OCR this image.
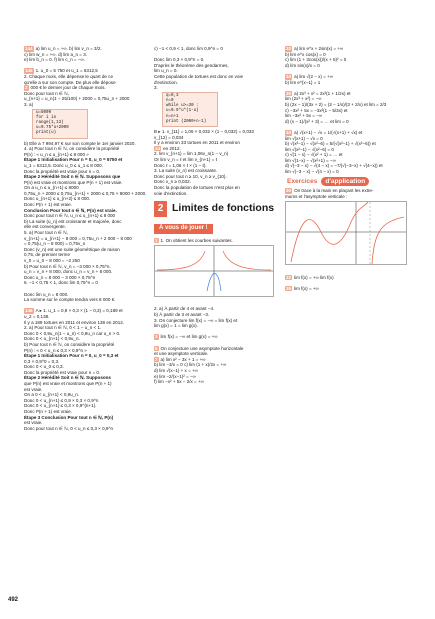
144 a) lim u_n = +∞. b) lim v_n = 3/2.
c) lim w_n = +∞. d) lim a_n = 3.
e) lim b_n = 0. f) lim c_n = −∞.

145 1. u_0 = 5 750 et u_1 = 6312,5
2. Chaque mois, elle dépense le quart de ce
qu'elle a sur son compte. De plus elle dépose
2 000 € le dernier jour de chaque mois.
Donc pour tout n ∈ ℕ,
u_{n+1} = u_n(1 − 25/100) + 2000 = 0,75u_n + 2000
3. a)
u=5000
for i in range(1,13)
u=0.75*u+2000
print(u)
b) Elle a 7 994,97 € sur son compte le 1er janvier 2020.
4. a) Pour tout n ∈ ℕ, on considère la propriété
P(n) : « u_n ≤ u_{n+1} ≤ 8 000 »
Étape 1 Initialisation Pour n = 0, u_0 = 5750 et
u_1 = 6312,5. Donc u_0 ≤ u_1 ≤ 8 000.
Donc la propriété est vraie pour n = 0.
Étape 2 Hérédité Soit n ∈ ℕ. Supposons que
P(n) est vraie et montrons que P(n + 1) est vraie.
On a u_n ≤ u_{n+1} ≤ 8000
0,75u_n + 2000 ≤ 0,75u_{n+1} + 2000 ≤ 0,75 × 8000 + 2000.
Donc u_{n+1} ≤ u_{n+2} ≤ 8 000.
Donc P(n + 1) est vraie.
Conclusion Pour tout n ∈ ℕ, P(n) est vraie.
Donc pour tout n ∈ ℕ, u_n ≤ u_{n+1} ≤ 8 000
b) La suite (u_n) est croissante et majorée, donc
elle est convergente.
5. a) Pour tout n ∈ ℕ,
v_{n+1} = u_{n+1} − 8 000 = 0,75u_n + 2 000 − 8 000
= 0,75(u_n − 8 000) = 0,75v_n
Donc (v_n) est une suite géométrique de raison
0,75, de premier terme
v_0 = u_0 − 8 000 = −2 250
b) Pour tout n ∈ ℕ, v_n = −3 000 × 0,75^n.
u_n = v_n + 8 000, donc u_n = v_n + 8 000.
Donc u_n = 8 000 − 3 000 × 0,75^n
6. −1 < 0,75 < 1, donc lim 0,75^n = 0

Donc lim u_n = 8 000.
La somme sur le compte tendra vers 8 000 €.

146 A ▸ 1. u_1 = 0,9 × 0,3 × (1 − 0,3) = 0,189 et
u_2 = 0,138.
Il y a 189 tortues en 2011 et environ 138 en 2012.
2. a) Pour tout n ∈ ℕ, 0 < 1 − u_n < 1.
Donc 0 < 0,9u_n(1 − u_n) < 0,9u_n car u_n > 0.
Donc 0 < u_{n+1} < 0,9u_n.
b) Pour tout n ∈ ℕ, on considère la propriété
P(n) : « 0 < u_n ≤ 0,3 × 0,9^n »
Étape 1 Initialisation Pour n = 0, u_0 = 0,3 et
0,3 × 0,9^0 = 0,3.
Donc 0 < u_0 ≤ 0,3.
Donc la propriété est vraie pour n = 0.
Étape 2 Hérédité Soit n ∈ ℕ. Supposons
que P(n) est vraie et montrons que P(n + 1)
est vraie.
On a 0 < u_{n+1} < 0,9u_n.
Donc 0 < u_{n+1} ≤ 0,9 × 0,3 × 0,9^n
Donc 0 < u_{n+1} ≤ 0,3 × 0,9^{n+1}.
Donc P(n + 1) est vraie.
Étape 3 Conclusion Pour tout n ∈ ℕ, P(n)
est vraie.
Donc pour tout n ∈ ℕ, 0 < u_n ≤ 0,3 × 0,9^n
c) −1 < 0,9 < 1, donc lim 0,9^n = 0

Donc lim 0,3 × 0,9^n = 0.
D'après le théorème des gendarmes,
lim u_n = 0.
Cette population de tortues est donc en voie
d'extinction.
3.
q=0,3
n=0
while u>=30 :
u=0.9*u*(1-u)
n=n+1
print (2000+n-1)
B ▸ 1. v_{11} = 1,06 × 0,032 × (1 − 0,032) = 0,033
v_{12} = 0,034
Il y a environ 33 tortues en 2011 et environ
34 en 2012.
2. lim v_{n+1} = lim 1,06v_n(1 − v_n)
Or lim v_n = ℓ et lim v_{n+1} = ℓ
Donc ℓ = 1,06 × ℓ × (1 − ℓ).
3. La suite (v_n) est croissante.
Donc pour tout n ≥ 10, v_n ≥ v_{10}.
Donc v_n ≥ 0,032.
Donc la population de tortues n'est plus en
voie d'extinction.
2 Limites de fonctions
À vous de jouer !
1 1. On obtient les courbes suivantes.

2. a) À partir de 4 et avant −4.
b) À partir de 3 et avant −3.
3. On conjecture lim f(x) = −∞ = lim f(x) et
lim g(x) = 1 = lim g(x).

3 lim f(x) = −∞ et lim g(x) = +∞

5 On conjecture une asymptote horizontale
et une asymptote verticale.
7 a) lim x² − 3x + 1 = +∞
b) lim −3/x = 0 c) lim (1 + x)/2x = +∞
d) lim √(x−1) + x = +∞
e) lim −2/(x−1)² = −∞
f) lim −x² + 5x − 2/x = +∞
32 a) lim e^x + 2sin(x) = +∞
b) lim e^x cos(x) = 0
c) lim (1 + 3cos(x))/(x + 5)² = 0
d) lim sin(x)/x = 0

34 a) lim √(2 − x) = +∞
b) lim e^{x−1} = 1

36 a) 2x³ + x² = 2x³(1 + 1/2x) et
lim (2x³ + x²) = −∞
b) (2x − 1)/(3x + 2) = (2 − 1/x)/(3 + 2/x) et lim = 2/3
c) −3x² + 5x = −3x²(1 − 5/3x) et
lim −3x² + 5x = −∞
d) (x − 1)/(x² + 3) = … et lim = 0

40 a) √(x+1) − √x = 1/(√(x+1) + √x) et
lim √(x+1) − √x = 0
b) √(x²−1) − √(x²−6) = 5/(√(x²−1) + √(x²−6)) et
lim √(x²−1) − √(x²−6) = 0
c) √(1 − x) − √(x² + 1) = … et
lim √(1−x) − √(x²+1) = −∞
d) √(−3 − x) − √(4 − x) = −7/(√(−3−x) + √(4−x)) et
lim √(−3 − x) − √(4 − x) = 0
Exercices d'application
30 On trace à la main en plaçant les extre-
mums et l'asymptote verticale :

32 lim f(x) = +∞ lim f(x)

35 lim f(x) = +∞
492
